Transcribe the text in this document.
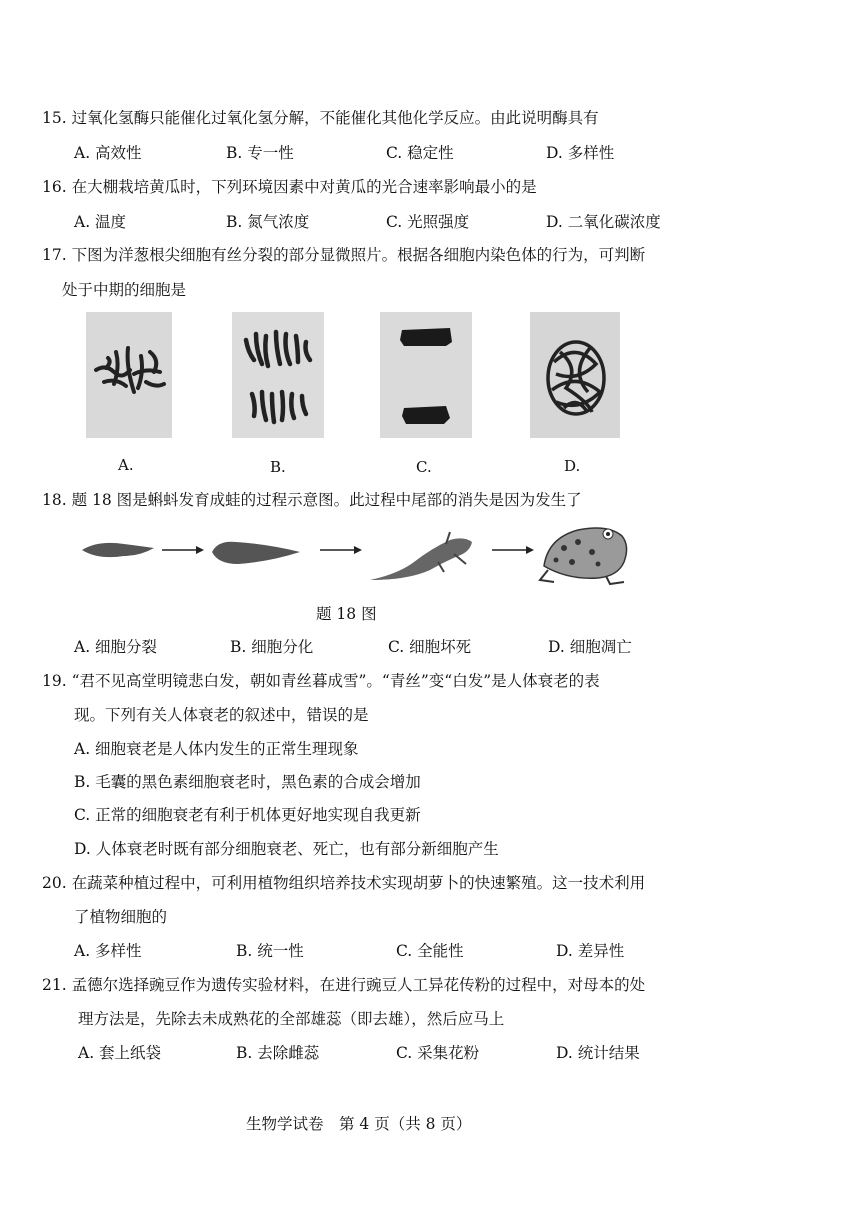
15. 过氧化氢酶只能催化过氧化氢分解，不能催化其他化学反应。由此说明酶具有
A. 高效性	B. 专一性	C. 稳定性	D. 多样性
16. 在大棚栽培黄瓜时，下列环境因素中对黄瓜的光合速率影响最小的是
A. 温度	B. 氮气浓度	C. 光照强度	D. 二氧化碳浓度
17. 下图为洋葱根尖细胞有丝分裂的部分显微照片。根据各细胞内染色体的行为，可判断
处于中期的细胞是
A.	B.	C.	D.
18. 题 18 图是蝌蚪发育成蛙的过程示意图。此过程中尾部的消失是因为发生了
题 18 图
A. 细胞分裂	B. 细胞分化	C. 细胞坏死	D. 细胞凋亡
19. “君不见高堂明镜悲白发，朝如青丝暮成雪”。“青丝”变“白发”是人体衰老的表
现。下列有关人体衰老的叙述中，错误的是
A. 细胞衰老是人体内发生的正常生理现象
B. 毛囊的黑色素细胞衰老时，黑色素的合成会增加
C. 正常的细胞衰老有利于机体更好地实现自我更新
D. 人体衰老时既有部分细胞衰老、死亡，也有部分新细胞产生
20. 在蔬菜种植过程中，可利用植物组织培养技术实现胡萝卜的快速繁殖。这一技术利用
了植物细胞的
A. 多样性	B. 统一性	C. 全能性	D. 差异性
21. 孟德尔选择豌豆作为遗传实验材料，在进行豌豆人工异花传粉的过程中，对母本的处
理方法是，先除去未成熟花的全部雄蕊（即去雄），然后应马上
A. 套上纸袋	B. 去除雌蕊	C. 采集花粉	D. 统计结果
生物学试卷　第 4 页（共 8 页）
